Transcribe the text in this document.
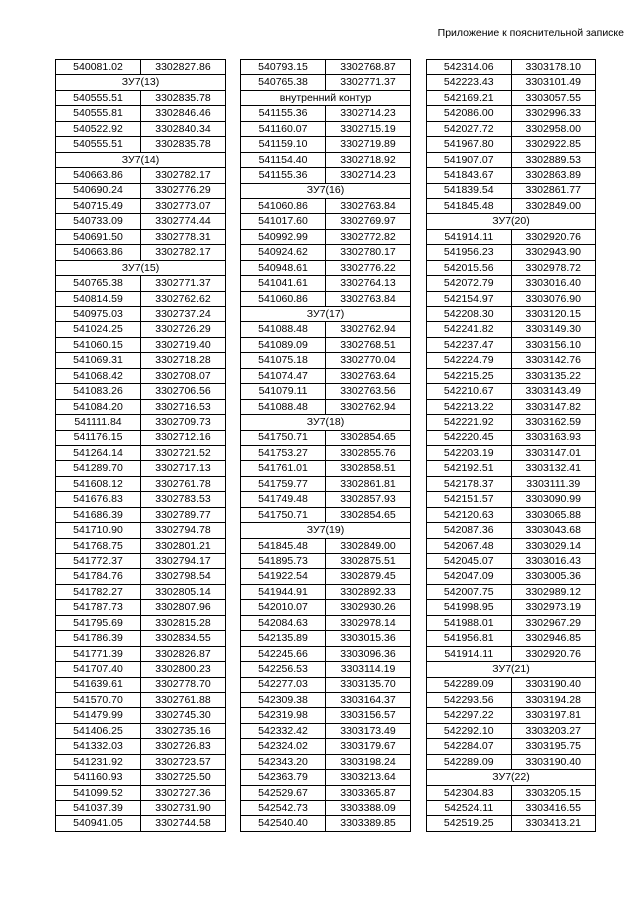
Приложение к пояснительной записке
540081.02	3302827.86
ЗУ7(13)	
540555.51	3302835.78
540555.81	3302846.46
540522.92	3302840.34
540555.51	3302835.78
ЗУ7(14)	
540663.86	3302782.17
540690.24	3302776.29
540715.49	3302773.07
540733.09	3302774.44
540691.50	3302778.31
540663.86	3302782.17
ЗУ7(15)	
540765.38	3302771.37
540814.59	3302762.62
540975.03	3302737.24
541024.25	3302726.29
541060.15	3302719.40
541069.31	3302718.28
541068.42	3302708.07
541083.26	3302706.56
541084.20	3302716.53
541111.84	3302709.73
541176.15	3302712.16
541264.14	3302721.52
541289.70	3302717.13
541608.12	3302761.78
541676.83	3302783.53
541686.39	3302789.77
541710.90	3302794.78
541768.75	3302801.21
541772.37	3302794.17
541784.76	3302798.54
541782.27	3302805.14
541787.73	3302807.96
541795.69	3302815.28
541786.39	3302834.55
541771.39	3302826.87
541707.40	3302800.23
541639.61	3302778.70
541570.70	3302761.88
541479.99	3302745.30
541406.25	3302735.16
541332.03	3302726.83
541231.92	3302723.57
541160.93	3302725.50
541099.52	3302727.36
541037.39	3302731.90
540941.05	3302744.58
540793.15	3302768.87
540765.38	3302771.37
внутренний контур	
541155.36	3302714.23
541160.07	3302715.19
541159.10	3302719.89
541154.40	3302718.92
541155.36	3302714.23
ЗУ7(16)	
541060.86	3302763.84
541017.60	3302769.97
540992.99	3302772.82
540924.62	3302780.17
540948.61	3302776.22
541041.61	3302764.13
541060.86	3302763.84
ЗУ7(17)	
541088.48	3302762.94
541089.09	3302768.51
541075.18	3302770.04
541074.47	3302763.64
541079.11	3302763.56
541088.48	3302762.94
ЗУ7(18)	
541750.71	3302854.65
541753.27	3302855.76
541761.01	3302858.51
541759.77	3302861.81
541749.48	3302857.93
541750.71	3302854.65
ЗУ7(19)	
541845.48	3302849.00
541895.73	3302875.51
541922.54	3302879.45
541944.91	3302892.33
542010.07	3302930.26
542084.63	3302978.14
542135.89	3303015.36
542245.66	3303096.36
542256.53	3303114.19
542277.03	3303135.70
542309.38	3303164.37
542319.98	3303156.57
542332.42	3303173.49
542324.02	3303179.67
542343.20	3303198.24
542363.79	3303213.64
542529.67	3303365.87
542542.73	3303388.09
542540.40	3303389.85
542314.06	3303178.10
542223.43	3303101.49
542169.21	3303057.55
542086.00	3302996.33
542027.72	3302958.00
541967.80	3302922.85
541907.07	3302889.53
541843.67	3302863.89
541839.54	3302861.77
541845.48	3302849.00
ЗУ7(20)	
541914.11	3302920.76
541956.23	3302943.90
542015.56	3302978.72
542072.79	3303016.40
542154.97	3303076.90
542208.30	3303120.15
542241.82	3303149.30
542237.47	3303156.10
542224.79	3303142.76
542215.25	3303135.22
542210.67	3303143.49
542213.22	3303147.82
542221.92	3303162.59
542220.45	3303163.93
542203.19	3303147.01
542192.51	3303132.41
542178.37	3303111.39
542151.57	3303090.99
542120.63	3303065.88
542087.36	3303043.68
542067.48	3303029.14
542045.07	3303016.43
542047.09	3303005.36
542007.75	3302989.12
541998.95	3302973.19
541988.01	3302967.29
541956.81	3302946.85
541914.11	3302920.76
ЗУ7(21)	
542289.09	3303190.40
542293.56	3303194.28
542297.22	3303197.81
542292.10	3303203.27
542284.07	3303195.75
542289.09	3303190.40
ЗУ7(22)	
542304.83	3303205.15
542524.11	3303416.55
542519.25	3303413.21
